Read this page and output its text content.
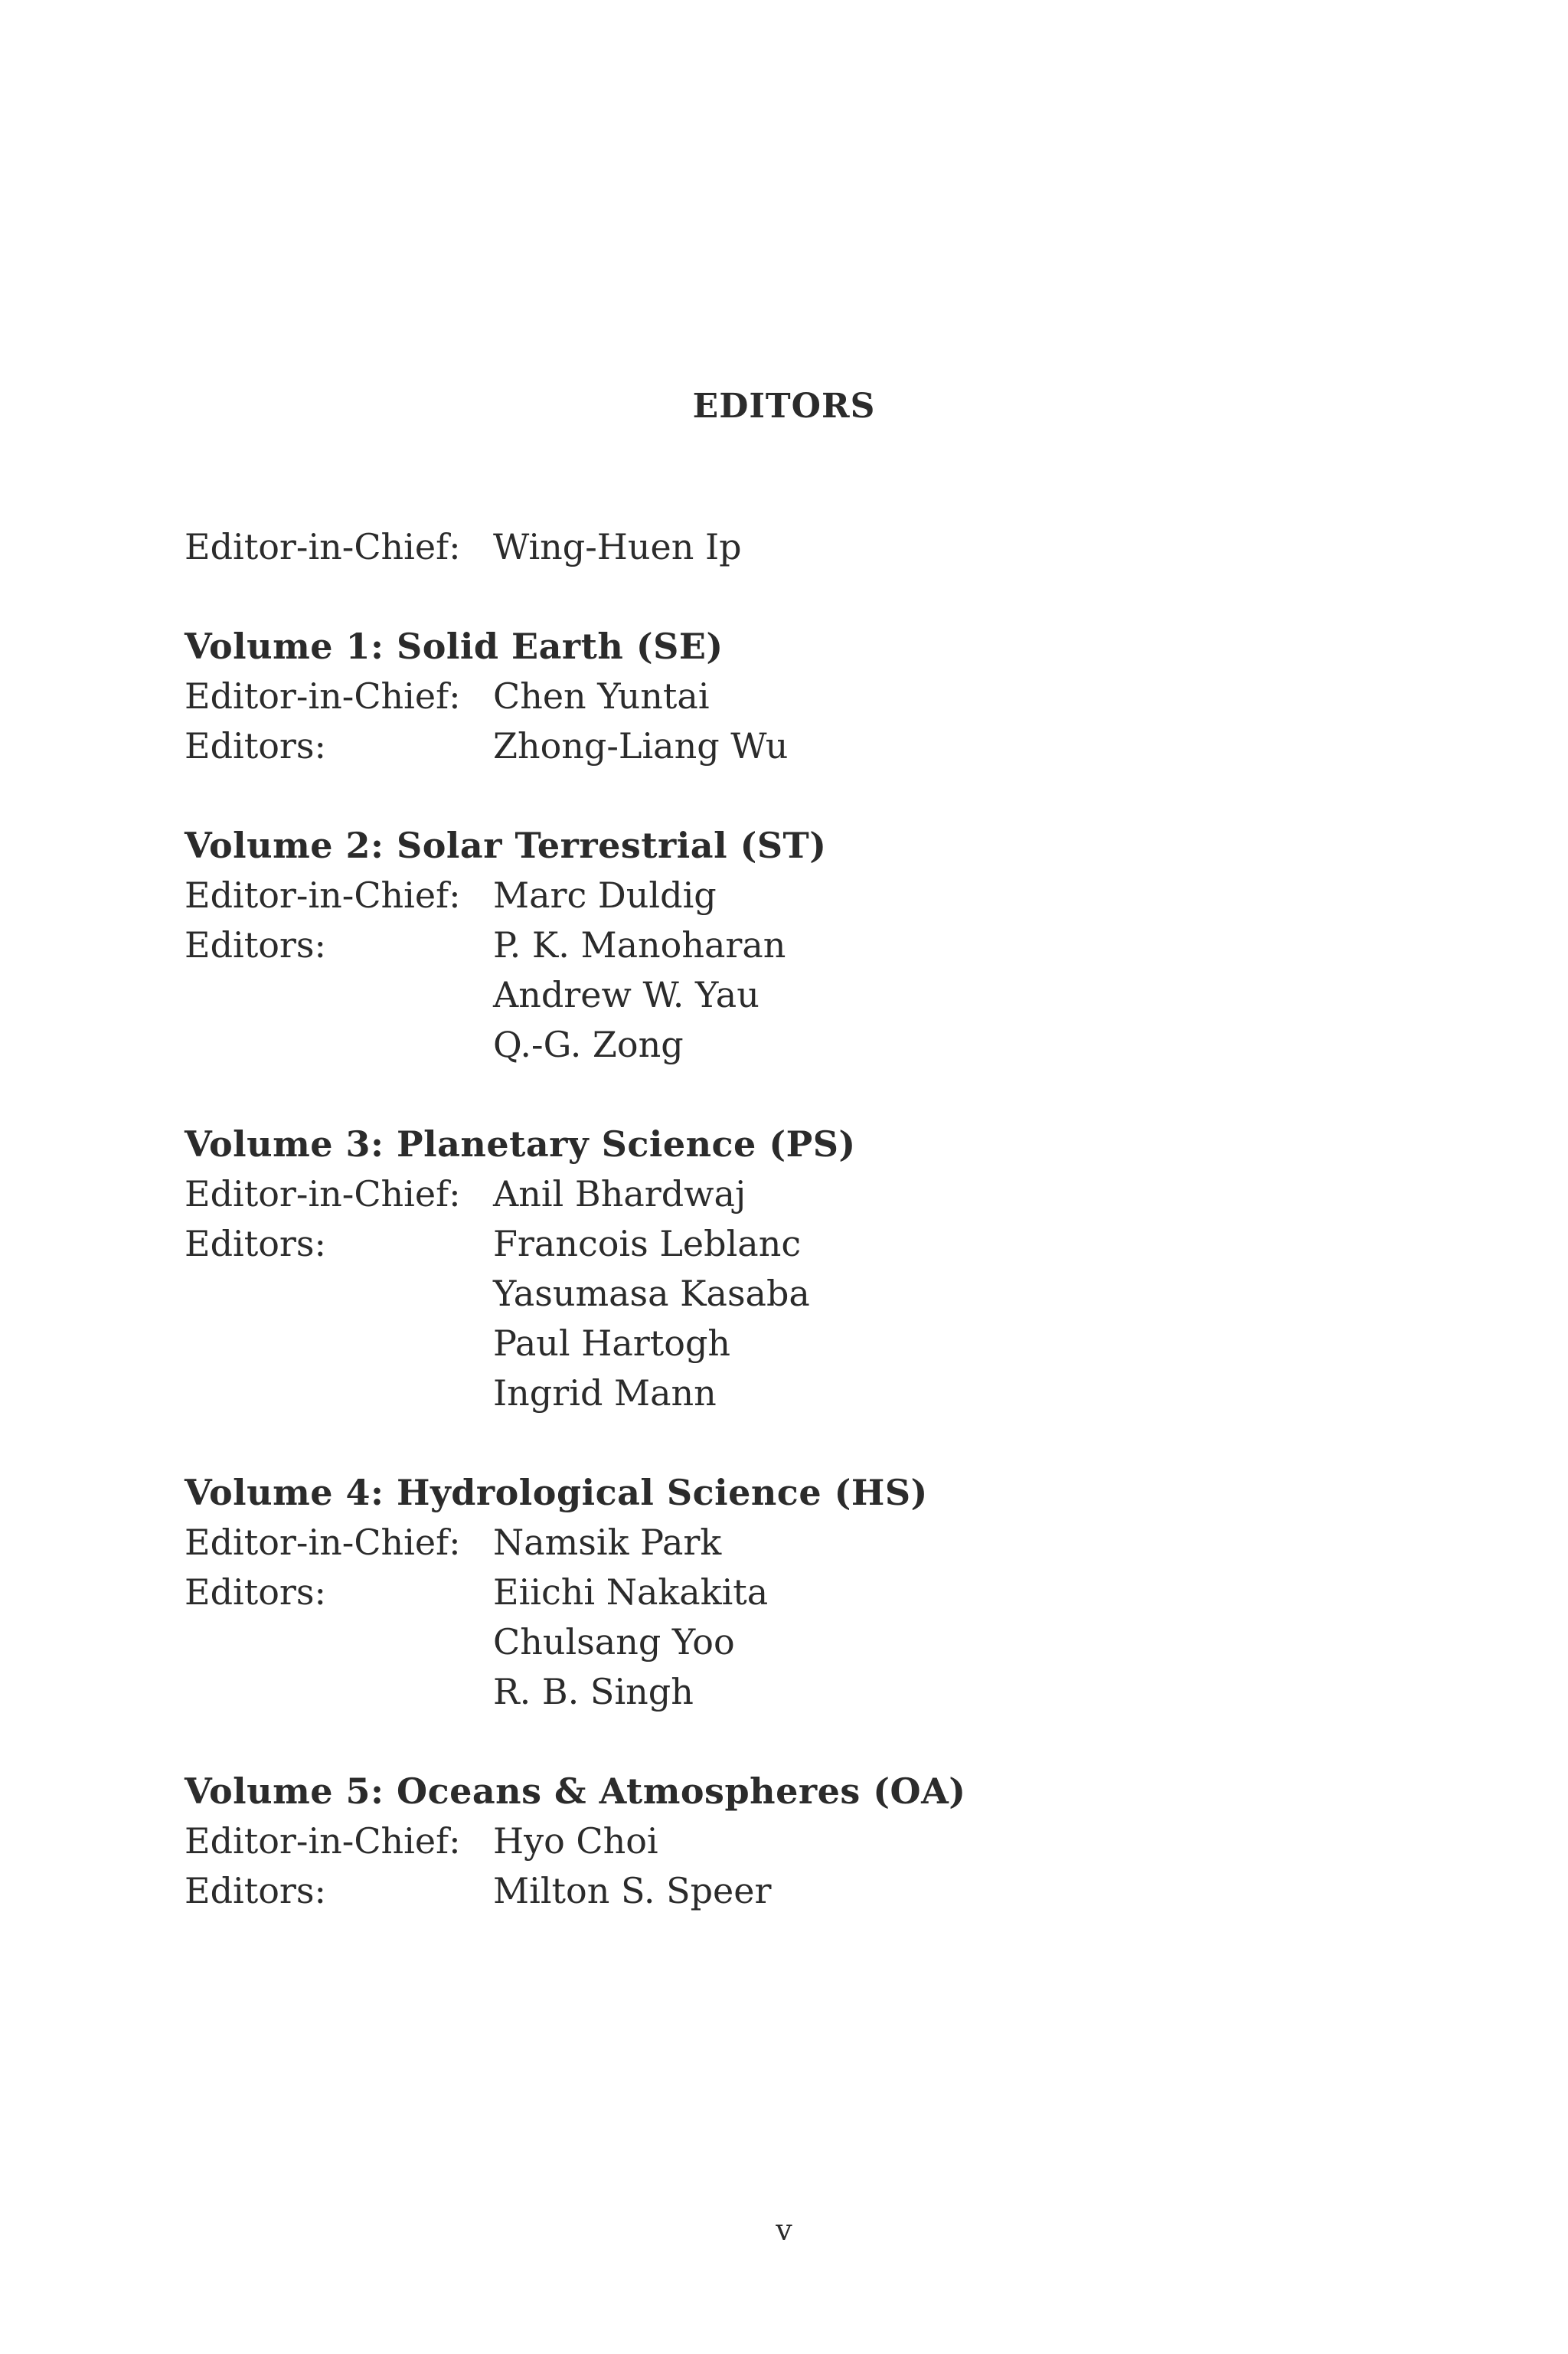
EDITORS
Editor-in-Chief: Wing-Huen Ip
Volume 1: Solid Earth (SE)
Editor-in-Chief: Chen Yuntai
Editors:	Zhong-Liang Wu
Volume 2: Solar Terrestrial (ST)
Editor-in-Chief: Marc Duldig
Editors:	P. K. Manoharan
Andrew W. Yau
Q.-G. Zong
Volume 3: Planetary Science (PS)
Editor-in-Chief: Anil Bhardwaj
Editors:	Francois Leblanc
Yasumasa Kasaba
Paul Hartogh
Ingrid Mann
Volume 4: Hydrological Science (HS)
Editor-in-Chief: Namsik Park
Editors:	Eiichi Nakakita
Chulsang Yoo
R. B. Singh
Volume 5: Oceans & Atmospheres (OA)
Editor-in-Chief: Hyo Choi
Editors:	Milton S. Speer
v
